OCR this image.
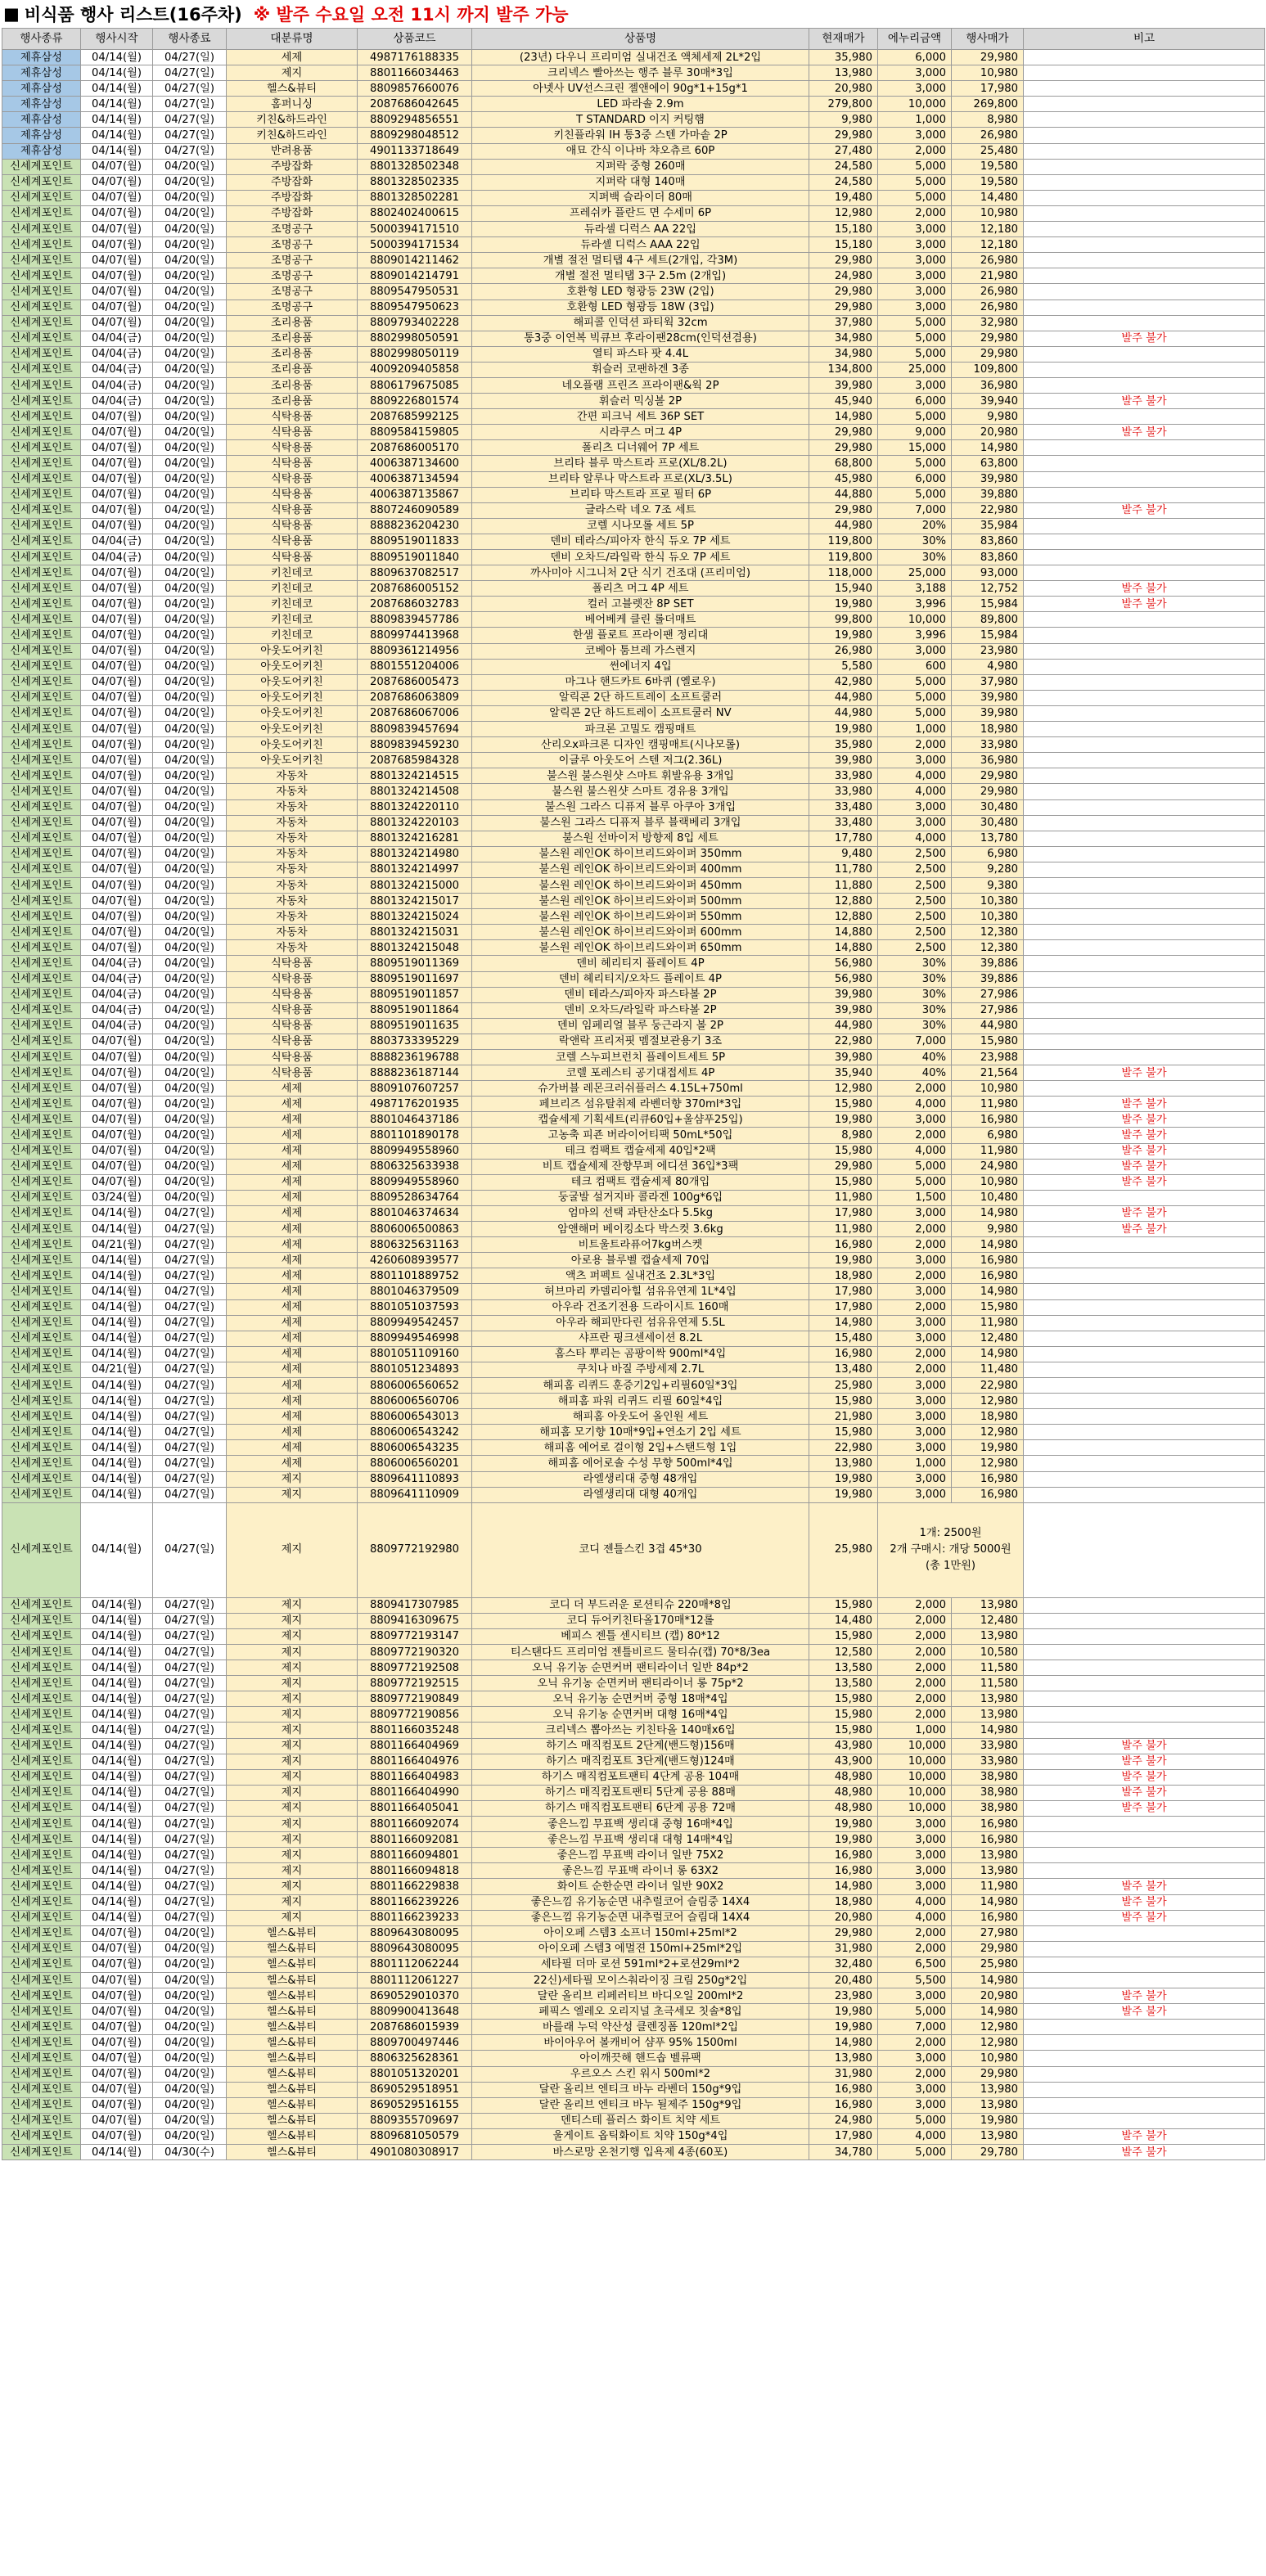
■ 비식품 행사 리스트(16주차) ※ 발주 수요일 오전 11시 까지 발주 가능
행사종류	행사시작	행사종료	대분류명	상품코드	상품명	현재매가	에누리금액	행사매가	비고
제휴삼성	04/14(월)	04/27(일)	세제	4987176188335	(23년) 다우니 프리미엄 실내건조 액체세제 2L*2입	35,980	6,000	29,980	
제휴삼성	04/14(월)	04/27(일)	제지	8801166034463	크리넥스 빨아쓰는 행주 블루 30매*3입	13,980	3,000	10,980	
제휴삼성	04/14(월)	04/27(일)	헬스&뷰티	8809857660076	아넷사 UV선스크린 젤앤에이 90g*1+15g*1	20,980	3,000	17,980	
제휴삼성	04/14(월)	04/27(일)	홈퍼니싱	2087686042645	LED 파라솔 2.9m	279,800	10,000	269,800	
제휴삼성	04/14(월)	04/27(일)	키친&하드라인	8809294856551	T STANDARD 이지 커팅햄	9,980	1,000	8,980	
제휴삼성	04/14(월)	04/27(일)	키친&하드라인	8809298048512	키친플라워 IH 통3중 스텐 가마솥 2P	29,980	3,000	26,980	
제휴삼성	04/14(월)	04/27(일)	반려용품	4901133718649	애묘 간식 이나바 챠오츄르 60P	27,480	2,000	25,480	
신세계포인트	04/07(월)	04/20(일)	주방잡화	8801328502348	지퍼락 중형 260매	24,580	5,000	19,580	
신세계포인트	04/07(월)	04/20(일)	주방잡화	8801328502335	지퍼락 대형 140매	24,580	5,000	19,580	
신세계포인트	04/07(월)	04/20(일)	주방잡화	8801328502281	지퍼백 슬라이더 80매	19,480	5,000	14,480	
신세계포인트	04/07(월)	04/20(일)	주방잡화	8802402400615	프레쉬카 플란드 면 수세미 6P	12,980	2,000	10,980	
신세계포인트	04/07(월)	04/20(일)	조명공구	5000394171510	듀라셀 디럭스 AA 22입	15,180	3,000	12,180	
신세계포인트	04/07(월)	04/20(일)	조명공구	5000394171534	듀라셀 디럭스 AAA 22입	15,180	3,000	12,180	
신세계포인트	04/07(월)	04/20(일)	조명공구	8809014211462	개별 절전 멀티탭 4구 세트(2개입, 각3M)	29,980	3,000	26,980	
신세계포인트	04/07(월)	04/20(일)	조명공구	8809014214791	개별 절전 멀티탭 3구 2.5m (2개입)	24,980	3,000	21,980	
신세계포인트	04/07(월)	04/20(일)	조명공구	8809547950531	호환형 LED 형광등 23W (2입)	29,980	3,000	26,980	
신세계포인트	04/07(월)	04/20(일)	조명공구	8809547950623	호환형 LED 형광등 18W (3입)	29,980	3,000	26,980	
신세계포인트	04/07(월)	04/20(일)	조리용품	8809793402228	해피콜 인덕션 파티웍 32cm	37,980	5,000	32,980	
신세계포인트	04/04(금)	04/20(일)	조리용품	8802998050591	통3중 이연복 빅큐브 후라이팬28cm(인덕션겸용)	34,980	5,000	29,980	발주 불가
신세계포인트	04/04(금)	04/20(일)	조리용품	8802998050119	열티 파스타 팟 4.4L	34,980	5,000	29,980	
신세계포인트	04/04(금)	04/20(일)	조리용품	4009209405858	휘슬러 코팬하겐 3종	134,800	25,000	109,800	
신세계포인트	04/04(금)	04/20(일)	조리용품	8806179675085	네오플램 프린즈 프라이팬&웍 2P	39,980	3,000	36,980	
신세계포인트	04/04(금)	04/20(일)	조리용품	8809226801574	휘슬러 믹싱볼 2P	45,940	6,000	39,940	발주 불가
신세계포인트	04/07(월)	04/20(일)	식탁용품	2087685992125	간편 피크닉 세트 36P SET	14,980	5,000	9,980	
신세계포인트	04/07(월)	04/20(일)	식탁용품	8809584159805	시라쿠스 머그 4P	29,980	9,000	20,980	발주 불가
신세계포인트	04/07(월)	04/20(일)	식탁용품	2087686005170	폴리츠 디너웨어 7P 세트	29,980	15,000	14,980	
신세계포인트	04/07(월)	04/20(일)	식탁용품	4006387134600	브리타 블루 막스트라 프로(XL/8.2L)	68,800	5,000	63,800	
신세계포인트	04/07(월)	04/20(일)	식탁용품	4006387134594	브리타 알루나 막스트라 프로(XL/3.5L)	45,980	6,000	39,980	
신세계포인트	04/07(월)	04/20(일)	식탁용품	4006387135867	브리타 막스트라 프로 필터 6P	44,880	5,000	39,880	
신세계포인트	04/07(월)	04/20(일)	식탁용품	8807246090589	글라스락 네오 7조 세트	29,980	7,000	22,980	발주 불가
신세계포인트	04/07(월)	04/20(일)	식탁용품	8888236204230	코렐 시나모롤 세트 5P	44,980	20%	35,984	
신세계포인트	04/04(금)	04/20(일)	식탁용품	8809519011833	덴비 테라스/피아자 한식 듀오 7P 세트	119,800	30%	83,860	
신세계포인트	04/04(금)	04/20(일)	식탁용품	8809519011840	덴비 오차드/라일락 한식 듀오 7P 세트	119,800	30%	83,860	
신세계포인트	04/07(월)	04/20(일)	키친데코	8809637082517	까사미아 시그니처 2단 식기 건조대 (프리미엄)	118,000	25,000	93,000	
신세계포인트	04/07(월)	04/20(일)	키친데코	2087686005152	폴리츠 머그 4P 세트	15,940	3,188	12,752	발주 불가
신세계포인트	04/07(월)	04/20(일)	키친데코	2087686032783	컬러 고블렛잔 8P SET	19,980	3,996	15,984	발주 불가
신세계포인트	04/07(월)	04/20(일)	키친데코	8809839457786	베어베케 클린 롤더매트	99,800	10,000	89,800	
신세계포인트	04/07(월)	04/20(일)	키친데코	8809974413968	한샘 플로트 프라이팬 정리대	19,980	3,996	15,984	
신세계포인트	04/07(월)	04/20(일)	아웃도어키친	8809361214956	코베아 툼브레 가스렌지	26,980	3,000	23,980	
신세계포인트	04/07(월)	04/20(일)	아웃도어키친	8801551204006	썬에너지 4입	5,580	600	4,980	
신세계포인트	04/07(월)	04/20(일)	아웃도어키친	2087686005473	마그나 핸드카트 6바퀴 (옐로우)	42,980	5,000	37,980	
신세계포인트	04/07(월)	04/20(일)	아웃도어키친	2087686063809	알릭콘 2단 하드트레이 소프트쿨러	44,980	5,000	39,980	
신세계포인트	04/07(월)	04/20(일)	아웃도어키친	2087686067006	알릭콘 2단 하드트레이 소프트쿨러 NV	44,980	5,000	39,980	
신세계포인트	04/07(월)	04/20(일)	아웃도어키친	8809839457694	파크론 고밀도 캠핑매트	19,980	1,000	18,980	
신세계포인트	04/07(월)	04/20(일)	아웃도어키친	8809839459230	산리오x파크론 디자인 캠핑매트(시나모롤)	35,980	2,000	33,980	
신세계포인트	04/07(월)	04/20(일)	아웃도어키친	2087685984328	이글루 아웃도어 스텐 저그(2.36L)	39,980	3,000	36,980	
신세계포인트	04/07(월)	04/20(일)	자동차	8801324214515	불스원 불스원샷 스마트 휘발유용 3개입	33,980	4,000	29,980	
신세계포인트	04/07(월)	04/20(일)	자동차	8801324214508	불스원 불스원샷 스마트 경유용 3개입	33,980	4,000	29,980	
신세계포인트	04/07(월)	04/20(일)	자동차	8801324220110	불스원 그라스 디퓨저 블루 아쿠아 3개입	33,480	3,000	30,480	
신세계포인트	04/07(월)	04/20(일)	자동차	8801324220103	불스원 그라스 디퓨저 블루 블랙베리 3개입	33,480	3,000	30,480	
신세계포인트	04/07(월)	04/20(일)	자동차	8801324216281	불스원 선바이저 방향제 8입 세트	17,780	4,000	13,780	
신세계포인트	04/07(월)	04/20(일)	자동차	8801324214980	불스원 레인OK 하이브리드와이퍼 350mm	9,480	2,500	6,980	
신세계포인트	04/07(월)	04/20(일)	자동차	8801324214997	불스원 레인OK 하이브리드와이퍼 400mm	11,780	2,500	9,280	
신세계포인트	04/07(월)	04/20(일)	자동차	8801324215000	불스원 레인OK 하이브리드와이퍼 450mm	11,880	2,500	9,380	
신세계포인트	04/07(월)	04/20(일)	자동차	8801324215017	불스원 레인OK 하이브리드와이퍼 500mm	12,880	2,500	10,380	
신세계포인트	04/07(월)	04/20(일)	자동차	8801324215024	불스원 레인OK 하이브리드와이퍼 550mm	12,880	2,500	10,380	
신세계포인트	04/07(월)	04/20(일)	자동차	8801324215031	불스원 레인OK 하이브리드와이퍼 600mm	14,880	2,500	12,380	
신세계포인트	04/07(월)	04/20(일)	자동차	8801324215048	불스원 레인OK 하이브리드와이퍼 650mm	14,880	2,500	12,380	
신세계포인트	04/04(금)	04/20(일)	식탁용품	8809519011369	덴비 헤리티지 플레이트 4P	56,980	30%	39,886	
신세계포인트	04/04(금)	04/20(일)	식탁용품	8809519011697	덴비 헤리티지/오차드 플레이트 4P	56,980	30%	39,886	
신세계포인트	04/04(금)	04/20(일)	식탁용품	8809519011857	덴비 테라스/피아자 파스타볼 2P	39,980	30%	27,986	
신세계포인트	04/04(금)	04/20(일)	식탁용품	8809519011864	덴비 오차드/라일락 파스타볼 2P	39,980	30%	27,986	
신세계포인트	04/04(금)	04/20(일)	식탁용품	8809519011635	덴비 임페리얼 블루 둥근라지 볼 2P	44,980	30%	44,980	
신세계포인트	04/07(월)	04/20(일)	식탁용품	8803733395229	락앤락 프리저핏 멤절보관용기 3조	22,980	7,000	15,980	
신세계포인트	04/07(월)	04/20(일)	식탁용품	8888236196788	코렐 스누피브런치 플레이트세트 5P	39,980	40%	23,988	
신세계포인트	04/07(월)	04/20(일)	식탁용품	8888236187144	코렐 포레스티 공기대접세트 4P	35,940	40%	21,564	발주 불가
신세계포인트	04/07(월)	04/20(일)	세제	8809107607257	슈가버블 레몬크러쉬플러스 4.15L+750ml	12,980	2,000	10,980	
신세계포인트	04/07(월)	04/20(일)	세제	4987176201935	페브리즈 섬유탈취제 라벤더향 370ml*3입	15,980	4,000	11,980	발주 불가
신세계포인트	04/07(월)	04/20(일)	세제	8801046437186	캡슐세제 기획세트(리큐60입+울샴푸25입)	19,980	3,000	16,980	발주 불가
신세계포인트	04/07(월)	04/20(일)	세제	8801101890178	고농축 피죤 버라이어티팩 50mL*50입	8,980	2,000	6,980	발주 불가
신세계포인트	04/07(월)	04/20(일)	세제	8809949558960	테크 컴팩트 캡슐세제 40입*2팩	15,980	4,000	11,980	발주 불가
신세계포인트	04/07(월)	04/20(일)	세제	8806325633938	비트 캡슐세제 잔향무퍼 에디션 36입*3팩	29,980	5,000	24,980	발주 불가
신세계포인트	04/07(월)	04/20(일)	세제	8809949558960	테크 컴팩트 캡슐세제 80개입	15,980	5,000	10,980	발주 불가
신세계포인트	03/24(월)	04/20(일)	세제	8809528634764	둥굴발 설거지바 콜라겐 100g*6입	11,980	1,500	10,480	
신세계포인트	04/14(월)	04/27(일)	세제	8801046374634	엄마의 선택 과탄산소다 5.5kg	17,980	3,000	14,980	발주 불가
신세계포인트	04/14(월)	04/27(일)	세제	8806006500863	암앤해머 베이킹소다 박스컷 3.6kg	11,980	2,000	9,980	발주 불가
신세계포인트	04/21(월)	04/27(일)	세제	8806325631163	비트울트라퓨어7kg버스켓	16,980	2,000	14,980	
신세계포인트	04/14(월)	04/27(일)	세제	4260608939577	아로용 블루벨 캡슐세제 70입	19,980	3,000	16,980	
신세계포인트	04/14(월)	04/27(일)	세제	8801101889752	액츠 퍼펙트 실내건조 2.3L*3입	18,980	2,000	16,980	
신세계포인트	04/14(월)	04/27(일)	세제	8801046379509	허브마리 카델리아힐 섬유유연제 1L*4입	17,980	3,000	14,980	
신세계포인트	04/14(월)	04/27(일)	세제	8801051037593	아우라 건조기전용 드라이시트 160매	17,980	2,000	15,980	
신세계포인트	04/14(월)	04/27(일)	세제	8809949542457	아우라 해피만다린 섬유유연제 5.5L	14,980	3,000	11,980	
신세계포인트	04/14(월)	04/27(일)	세제	8809949546998	샤프란 핑크센세이션 8.2L	15,480	3,000	12,480	
신세계포인트	04/14(월)	04/27(일)	세제	8801051109160	홈스타 뿌리는 곰팡이싹 900ml*4입	16,980	2,000	14,980	
신세계포인트	04/21(월)	04/27(일)	세제	8801051234893	쿠치나 바질 주방세제 2.7L	13,480	2,000	11,480	
신세계포인트	04/14(월)	04/27(일)	세제	8806006560652	해피홈 리퀴드 훈증기2입+리필60일*3입	25,980	3,000	22,980	
신세계포인트	04/14(월)	04/27(일)	세제	8806006560706	해피홈 파워 리퀴드 리필 60일*4입	15,980	3,000	12,980	
신세계포인트	04/14(월)	04/27(일)	세제	8806006543013	해피홈 아웃도어 올인원 세트	21,980	3,000	18,980	
신세계포인트	04/14(월)	04/27(일)	세제	8806006543242	해피홈 모기향 10매*9입+연소기 2입 세트	15,980	3,000	12,980	
신세계포인트	04/14(월)	04/27(일)	세제	8806006543235	해피홈 에어로 걸이형 2입+스탠드형 1입	22,980	3,000	19,980	
신세계포인트	04/14(월)	04/27(일)	세제	8806006560201	해피홈 에어로솔 수성 무향 500ml*4입	13,980	1,000	12,980	
신세계포인트	04/14(월)	04/27(일)	제지	8809641110893	라엘생리대 중형 48개입	19,980	3,000	16,980	
신세계포인트	04/14(월)	04/27(일)	제지	8809641110909	라엘생리대 대형 40개입	19,980	3,000	16,980	
신세계포인트	04/14(월)	04/27(일)	제지	8809772192980	코디 젠틀스킨 3겹 45*30	25,980	1개: 2500원
2개 구매시: 개당 5000원
(총 1만원)		
신세계포인트	04/14(월)	04/27(일)	제지	8809417307985	코디 더 부드러운 로션티슈 220매*8입	15,980	2,000	13,980	
신세계포인트	04/14(월)	04/27(일)	제지	8809416309675	코디 듀어키친타올170매*12롤	14,480	2,000	12,480	
신세계포인트	04/14(월)	04/27(일)	제지	8809772193147	베피스 젠틀 센시티브 (캡) 80*12	15,980	2,000	13,980	
신세계포인트	04/14(월)	04/27(일)	제지	8809772190320	티스탠다드 프리미엄 젠틀비르드 물티슈(캡) 70*8/3ea	12,580	2,000	10,580	
신세계포인트	04/14(월)	04/27(일)	제지	8809772192508	오닉 유기농 순면커버 팬티라이너 일반 84p*2	13,580	2,000	11,580	
신세계포인트	04/14(월)	04/27(일)	제지	8809772192515	오닉 유기농 순면커버 팬티라이너 롱 75p*2	13,580	2,000	11,580	
신세계포인트	04/14(월)	04/27(일)	제지	8809772190849	오닉 유기농 순면커버 중형 18매*4입	15,980	2,000	13,980	
신세계포인트	04/14(월)	04/27(일)	제지	8809772190856	오닉 유기농 순면커버 대형 16매*4입	15,980	2,000	13,980	
신세계포인트	04/14(월)	04/27(일)	제지	8801166035248	크리넥스 뽑아쓰는 키친타올 140매x6입	15,980	1,000	14,980	
신세계포인트	04/14(월)	04/27(일)	제지	8801166404969	하기스 매직컴포트 2단계(밴드형)156매	43,980	10,000	33,980	발주 불가
신세계포인트	04/14(월)	04/27(일)	제지	8801166404976	하기스 매직컴포트 3단계(밴드형)124매	43,900	10,000	33,980	발주 불가
신세계포인트	04/14(월)	04/27(일)	제지	8801166404983	하기스 매직컴포트팬티 4단계 공용 104매	48,980	10,000	38,980	발주 불가
신세계포인트	04/14(월)	04/27(일)	제지	8801166404990	하기스 매직컴포트팬티 5단계 공용 88매	48,980	10,000	38,980	발주 불가
신세계포인트	04/14(월)	04/27(일)	제지	8801166405041	하기스 매직컴포트팬티 6단계 공용 72매	48,980	10,000	38,980	발주 불가
신세계포인트	04/14(월)	04/27(일)	제지	8801166092074	좋은느낌 무표백 생리대 중형 16매*4입	19,980	3,000	16,980	
신세계포인트	04/14(월)	04/27(일)	제지	8801166092081	좋은느낌 무표백 생리대 대형 14매*4입	19,980	3,000	16,980	
신세계포인트	04/14(월)	04/27(일)	제지	8801166094801	좋은느낌 무표백 라이너 일반 75X2	16,980	3,000	13,980	
신세계포인트	04/14(월)	04/27(일)	제지	8801166094818	좋은느낌 무표백 라이너 롱 63X2	16,980	3,000	13,980	
신세계포인트	04/14(월)	04/27(일)	제지	8801166229838	화이트 순한순면 라이너 일반 90X2	14,980	3,000	11,980	발주 불가
신세계포인트	04/14(월)	04/27(일)	제지	8801166239226	좋은느낌 유기농순면 내추럴코어 슬림중 14X4	18,980	4,000	14,980	발주 불가
신세계포인트	04/14(월)	04/27(일)	제지	8801166239233	좋은느낌 유기농순면 내추럴코어 슬림대 14X4	20,980	4,000	16,980	발주 불가
신세계포인트	04/07(월)	04/20(일)	헬스&뷰티	8809643080095	아이오페 스템3 소프너 150ml+25ml*2	29,980	2,000	27,980	
신세계포인트	04/07(월)	04/20(일)	헬스&뷰티	8809643080095	아이오페 스템3 에멀젼 150ml+25ml*2입	31,980	2,000	29,980	
신세계포인트	04/07(월)	04/20(일)	헬스&뷰티	8801112062244	세타필 더마 로션 591ml*2+로션29ml*2	32,480	6,500	25,980	
신세계포인트	04/07(월)	04/20(일)	헬스&뷰티	8801112061227	22신)세타필 모이스춰라이징 크림 250g*2입	20,480	5,500	14,980	
신세계포인트	04/07(월)	04/20(일)	헬스&뷰티	8690529010370	달란 올리브 리페러티브 바디오일 200ml*2	23,980	3,000	20,980	발주 불가
신세계포인트	04/07(월)	04/20(일)	헬스&뷰티	8809900413648	페픽스 엘레오 오리지널 초극세모 칫솔*8입	19,980	5,000	14,980	발주 불가
신세계포인트	04/07(월)	04/20(일)	헬스&뷰티	2087686015939	바를래 누덕 약산성 클렌징폼 120ml*2입	19,980	7,000	12,980	
신세계포인트	04/07(월)	04/20(일)	헬스&뷰티	8809700497446	바이아우어 볼캐비어 샴푸 95% 1500ml	14,980	2,000	12,980	
신세계포인트	04/07(월)	04/20(일)	헬스&뷰티	8806325628361	아이깨끗해 핸드솝 벨류팩	13,980	3,000	10,980	
신세계포인트	04/07(월)	04/20(일)	헬스&뷰티	8801051320201	우르오스 스킨 워시 500ml*2	31,980	2,000	29,980	
신세계포인트	04/07(월)	04/20(일)	헬스&뷰티	8690529518951	달란 올리브 엔티크 바누 라벤더 150g*9입	16,980	3,000	13,980	
신세계포인트	04/07(월)	04/20(일)	헬스&뷰티	8690529516155	달란 올리브 엔티크 바누 될제주 150g*9입	16,980	3,000	13,980	
신세계포인트	04/07(월)	04/20(일)	헬스&뷰티	8809355709697	덴티스테 플러스 화이트 치약 세트	24,980	5,000	19,980	
신세계포인트	04/07(월)	04/20(일)	헬스&뷰티	8809681050579	울게이트 옵틱화이트 치약 150g*4입	17,980	4,000	13,980	발주 불가
신세계포인트	04/14(월)	04/30(수)	헬스&뷰티	4901080308917	바스로망 온천기행 입욕제 4종(60포)	34,780	5,000	29,780	발주 불가
